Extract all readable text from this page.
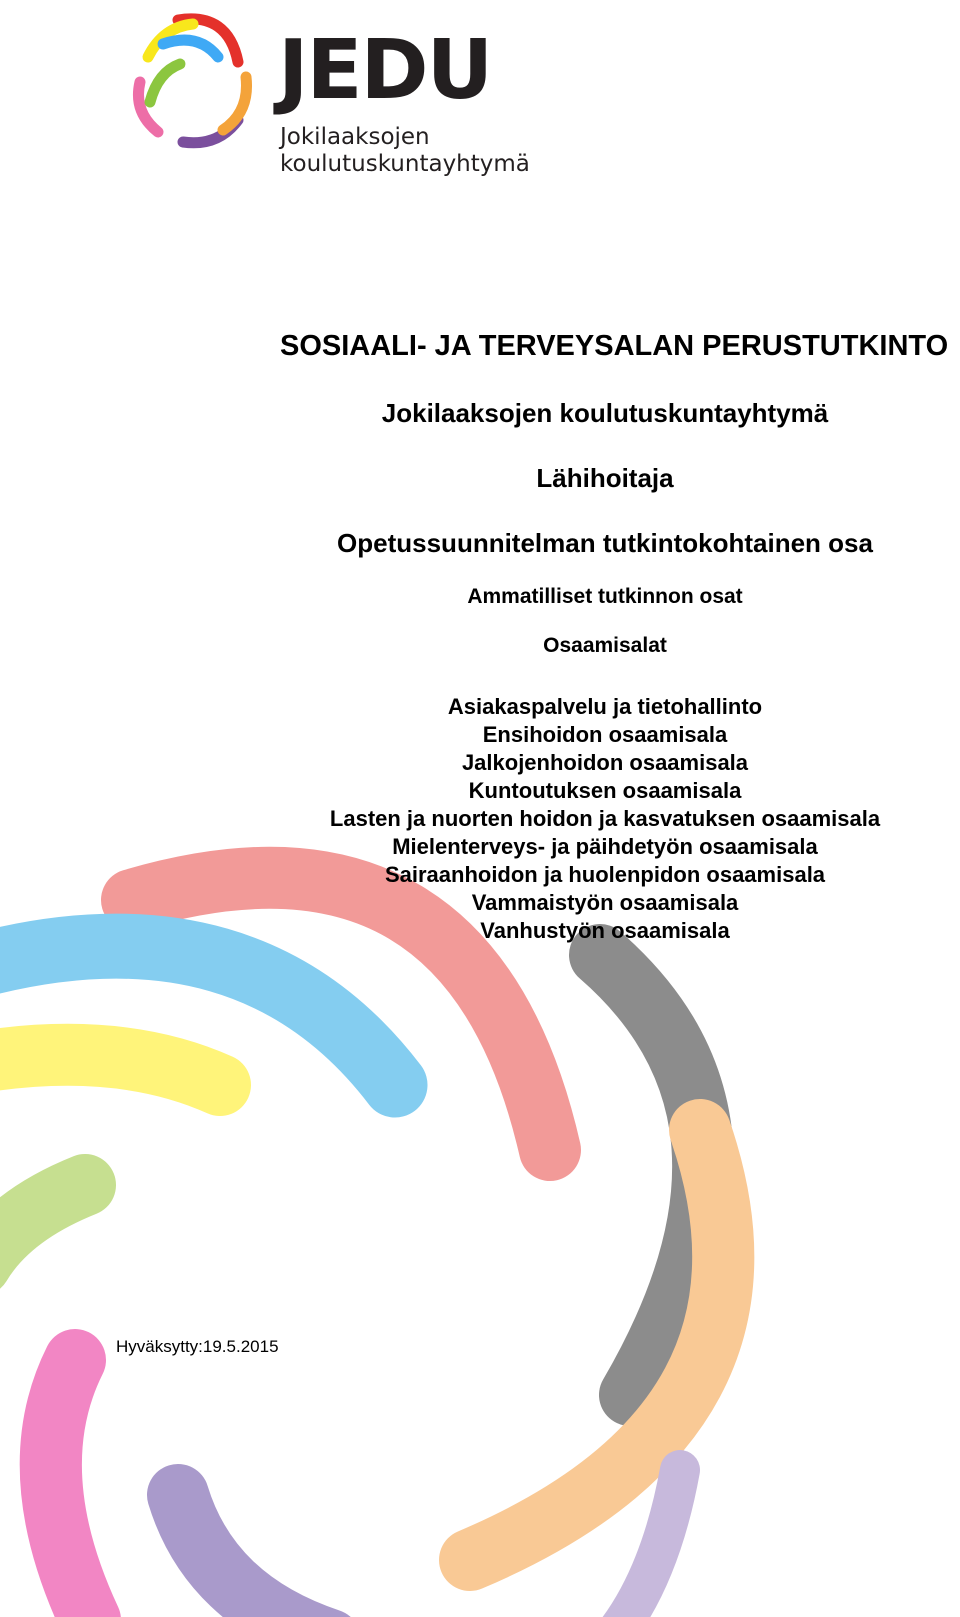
JEDU
Jokilaaksojen
koulutuskuntayhtymä
SOSIAALI- JA TERVEYSALAN PERUSTUTKINTO
Jokilaaksojen koulutuskuntayhtymä
Lähihoitaja
Opetussuunnitelman tutkintokohtainen osa
Ammatilliset tutkinnon osat
Osaamisalat
Asiakaspalvelu ja tietohallinto
Ensihoidon osaamisala
Jalkojenhoidon osaamisala
Kuntoutuksen osaamisala
Lasten ja nuorten hoidon ja kasvatuksen osaamisala
Mielenterveys- ja päihdetyön osaamisala
Sairaanhoidon ja huolenpidon osaamisala
Vammaistyön osaamisala
Vanhustyön osaamisala
Hyväksytty:19.5.2015
